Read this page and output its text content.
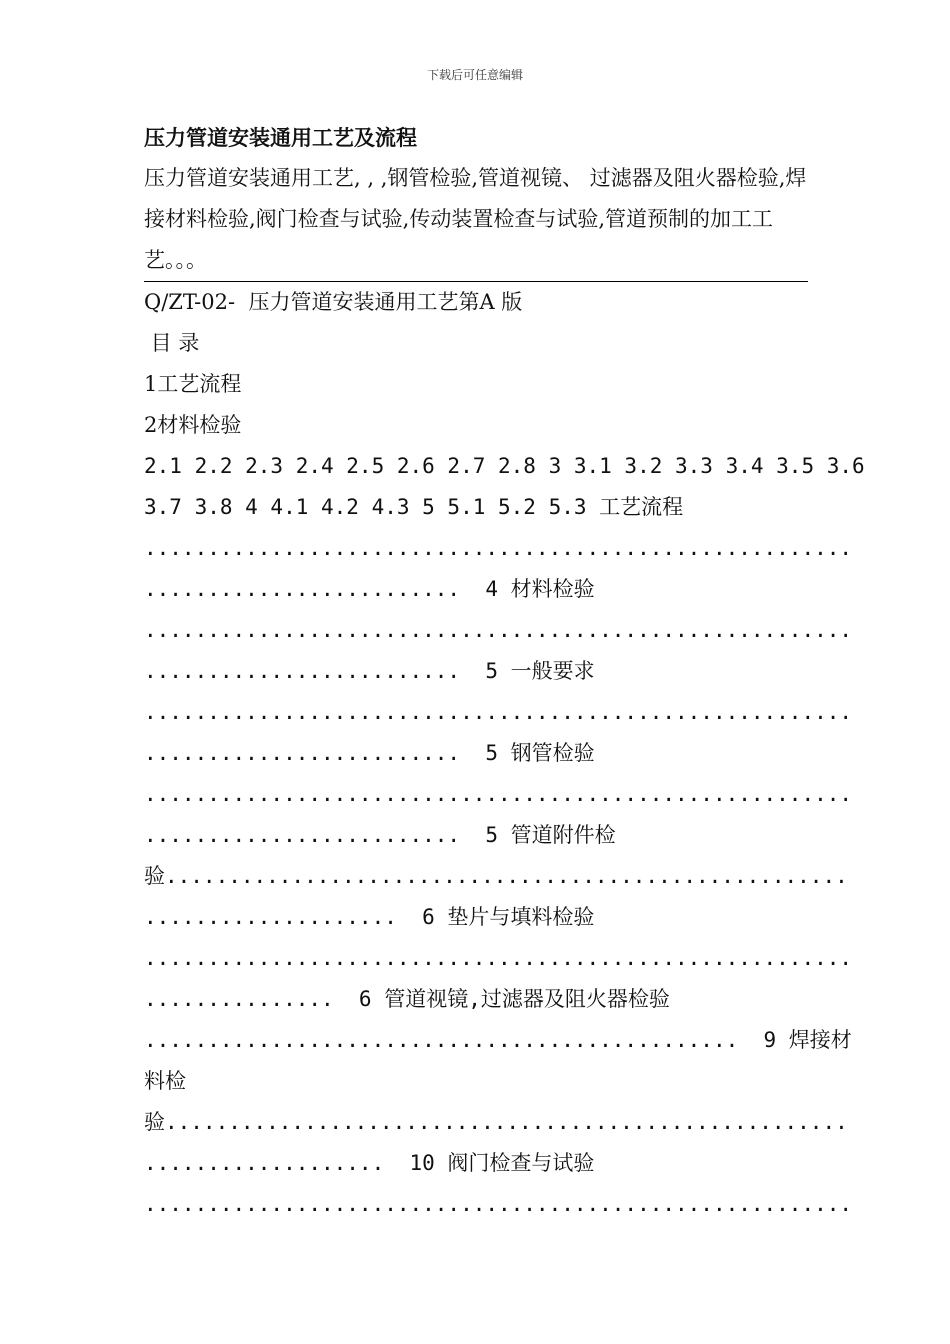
下载后可任意编辑
压力管道安装通用工艺及流程
压力管道安装通用工艺, , ,钢管检验,管道视镜、 过滤器及阻火器检验,焊接材料检验,阀门检查与试验,传动装置检查与试验,管道预制的加工工艺。。。
Q/ZT-02-  压力管道安装通用工艺第A 版
目 录
1工艺流程
2材料检验
2.1 2.2 2.3 2.4 2.5 2.6 2.7 2.8 3 3.1 3.2 3.3 3.4 3.5 3.6
3.7 3.8 4 4.1 4.2 4.3 5 5.1 5.2 5.3 工艺流程
........................................................
.........................  4 材料检验
........................................................
.........................  5 一般要求
........................................................
.........................  5 钢管检验
........................................................
.........................  5 管道附件检
验......................................................
....................  6 垫片与填料检验
........................................................
...............  6 管道视镜,过滤器及阻火器检验
...............................................  9 焊接材
料检
验......................................................
...................  10 阀门检查与试验
........................................................
